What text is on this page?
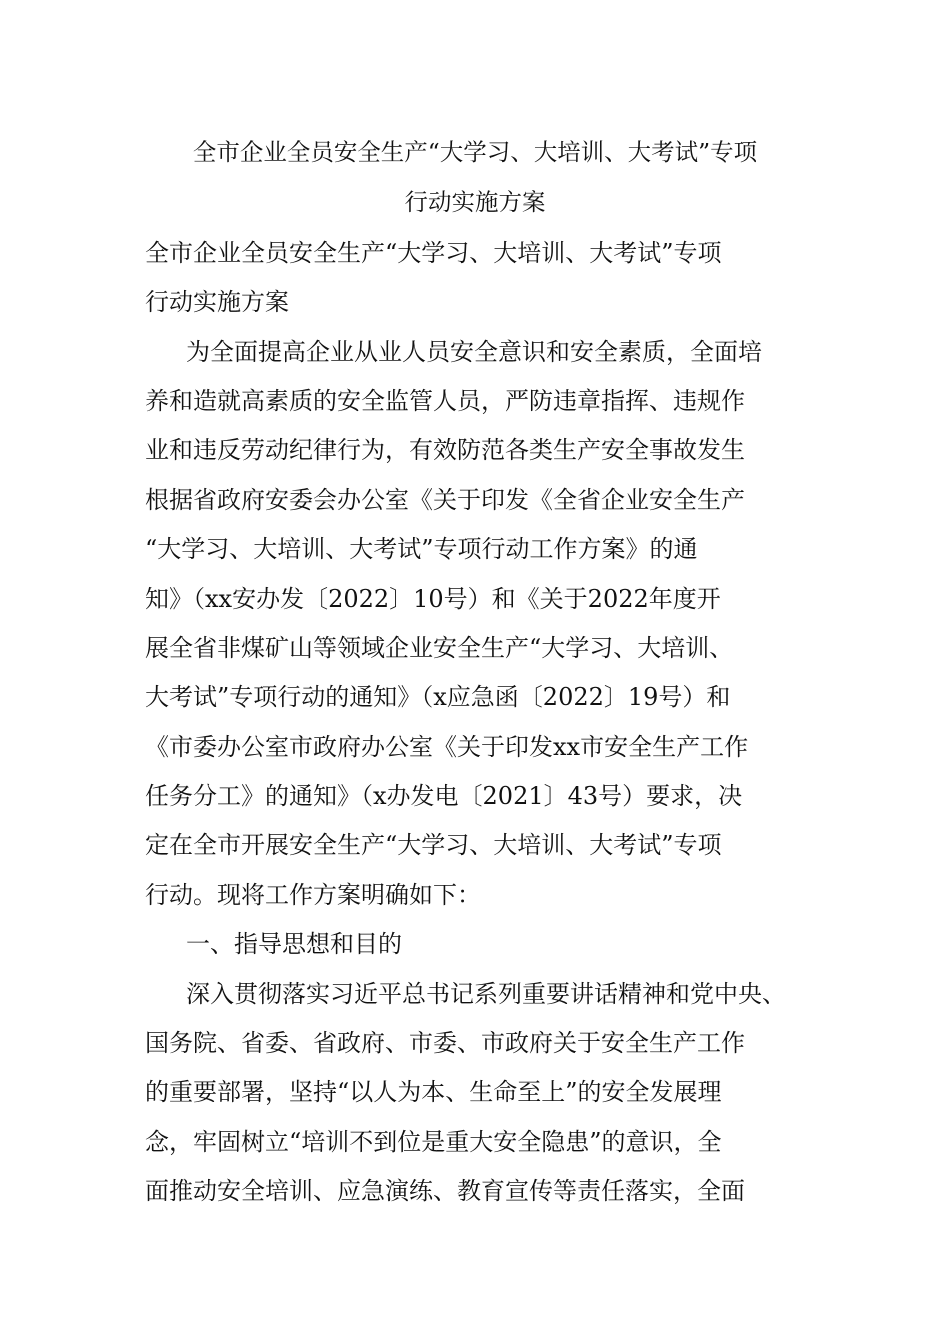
全市企业全员安全生产“大学习、大培训、大考试”专项
行动实施方案

全市企业全员安全生产“大学习、大培训、大考试”专项

行动实施方案

为全面提高企业从业人员安全意识和安全素质，全面培

养和造就高素质的安全监管人员，严防违章指挥、违规作

业和违反劳动纪律行为，有效防范各类生产安全事故发生

根据省政府安委会办公室《关于印发《全省企业安全生产

“大学习、大培训、大考试”专项行动工作方案》的通

知》（xx安办发〔2022〕10号）和《关于2022年度开

展全省非煤矿山等领域企业安全生产“大学习、大培训、

大考试”专项行动的通知》（x应急函〔2022〕19号）和

《市委办公室市政府办公室《关于印发xx市安全生产工作

任务分工》的通知》（x办发电〔2021〕43号）要求，决

定在全市开展安全生产“大学习、大培训、大考试”专项

行动。现将工作方案明确如下：

一、指导思想和目的

深入贯彻落实习近平总书记系列重要讲话精神和党中央、

国务院、省委、省政府、市委、市政府关于安全生产工作

的重要部署，坚持“以人为本、生命至上”的安全发展理

念，牢固树立“培训不到位是重大安全隐患”的意识，全

面推动安全培训、应急演练、教育宣传等责任落实，全面
